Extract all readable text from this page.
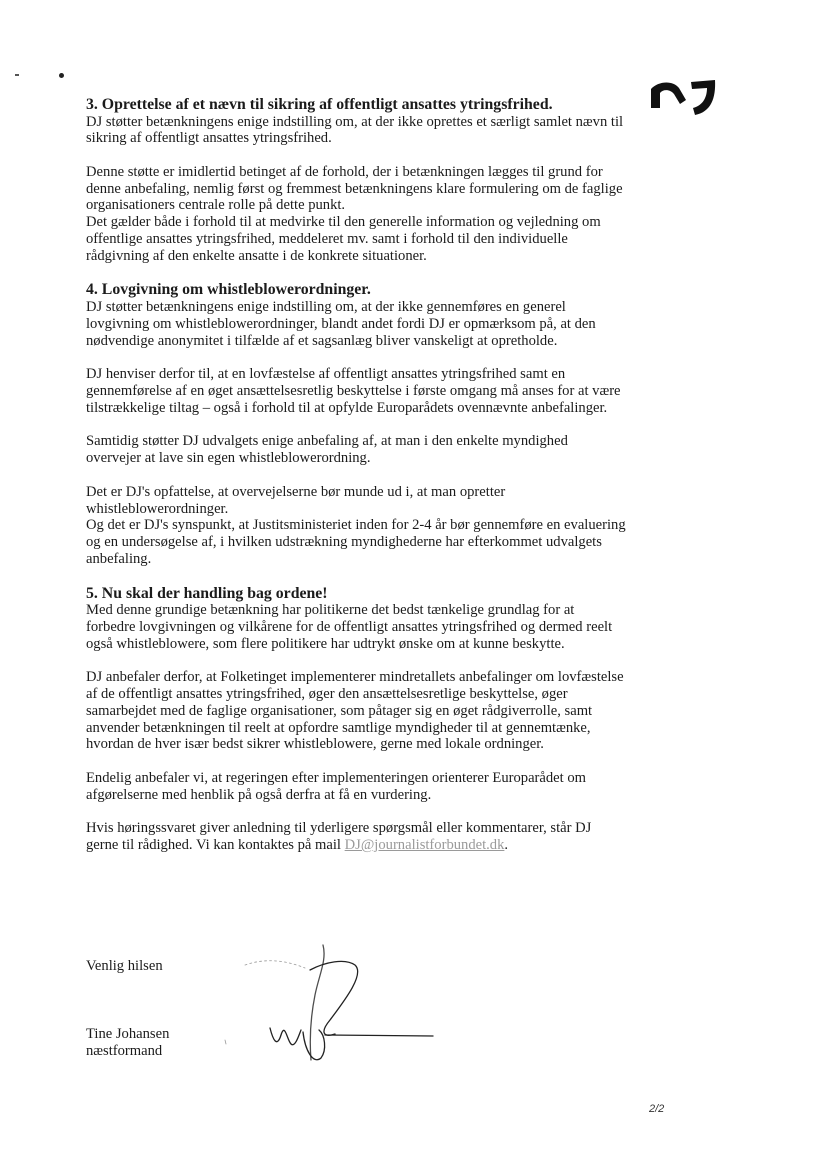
3. Oprettelse af et nævn til sikring af offentligt ansattes ytringsfrihed.

DJ støtter betænkningens enige indstilling om, at der ikke oprettes et særligt samlet nævn til sikring af offentligt ansattes ytringsfrihed.

Denne støtte er imidlertid betinget af de forhold, der i betænkningen lægges til grund for denne anbefaling, nemlig først og fremmest betænkningens klare formulering om de faglige organisationers centrale rolle på dette punkt.

Det gælder både i forhold til at medvirke til den generelle information og vejledning om offentlige ansattes ytringsfrihed, meddeleret mv. samt i forhold til den individuelle rådgivning af den enkelte ansatte i de konkrete situationer.

4. Lovgivning om whistleblowerordninger.

DJ støtter betænkningens enige indstilling om, at der ikke gennemføres en generel lovgivning om whistleblowerordninger, blandt andet fordi DJ er opmærksom på, at den nødvendige anonymitet i tilfælde af et sagsanlæg bliver vanskeligt at opretholde.

DJ henviser derfor til, at en lovfæstelse af offentligt ansattes ytringsfrihed samt en gennemførelse af en øget ansættelsesretlig beskyttelse i første omgang må anses for at være tilstrækkelige tiltag – også i forhold til at opfylde Europarådets ovennævnte anbefalinger.

Samtidig støtter DJ udvalgets enige anbefaling af, at man i den enkelte myndighed overvejer at lave sin egen whistleblowerordning.

Det er DJ's opfattelse, at overvejelserne bør munde ud i, at man opretter whistleblowerordninger.

Og det er DJ's synspunkt, at Justitsministeriet inden for 2-4 år bør gennemføre en evaluering og en undersøgelse af, i hvilken udstrækning myndighederne har efterkommet udvalgets anbefaling.

5. Nu skal der handling bag ordene!

Med denne grundige betænkning har politikerne det bedst tænkelige grundlag for at forbedre lovgivningen og vilkårene for de offentligt ansattes ytringsfrihed og dermed reelt også whistleblowere, som flere politikere har udtrykt ønske om at kunne beskytte.

DJ anbefaler derfor, at Folketinget implementerer mindretallets anbefalinger om lovfæstelse af de offentligt ansattes ytringsfrihed, øger den ansættelsesretlige beskyttelse, øger samarbejdet med de faglige organisationer, som påtager sig en øget rådgiverrolle, samt anvender betænkningen til reelt at opfordre samtlige myndigheder til at gennemtænke, hvordan de hver især bedst sikrer whistleblowere, gerne med lokale ordninger.

Endelig anbefaler vi, at regeringen efter implementeringen orienterer Europarådet om afgørelserne med henblik på også derfra at få en vurdering.

Hvis høringssvaret giver anledning til yderligere spørgsmål eller kommentarer, står DJ gerne til rådighed. Vi kan kontaktes på mail DJ@journalistforbundet.dk.

Venlig hilsen
Tine Johansen
næstformand
2/2
